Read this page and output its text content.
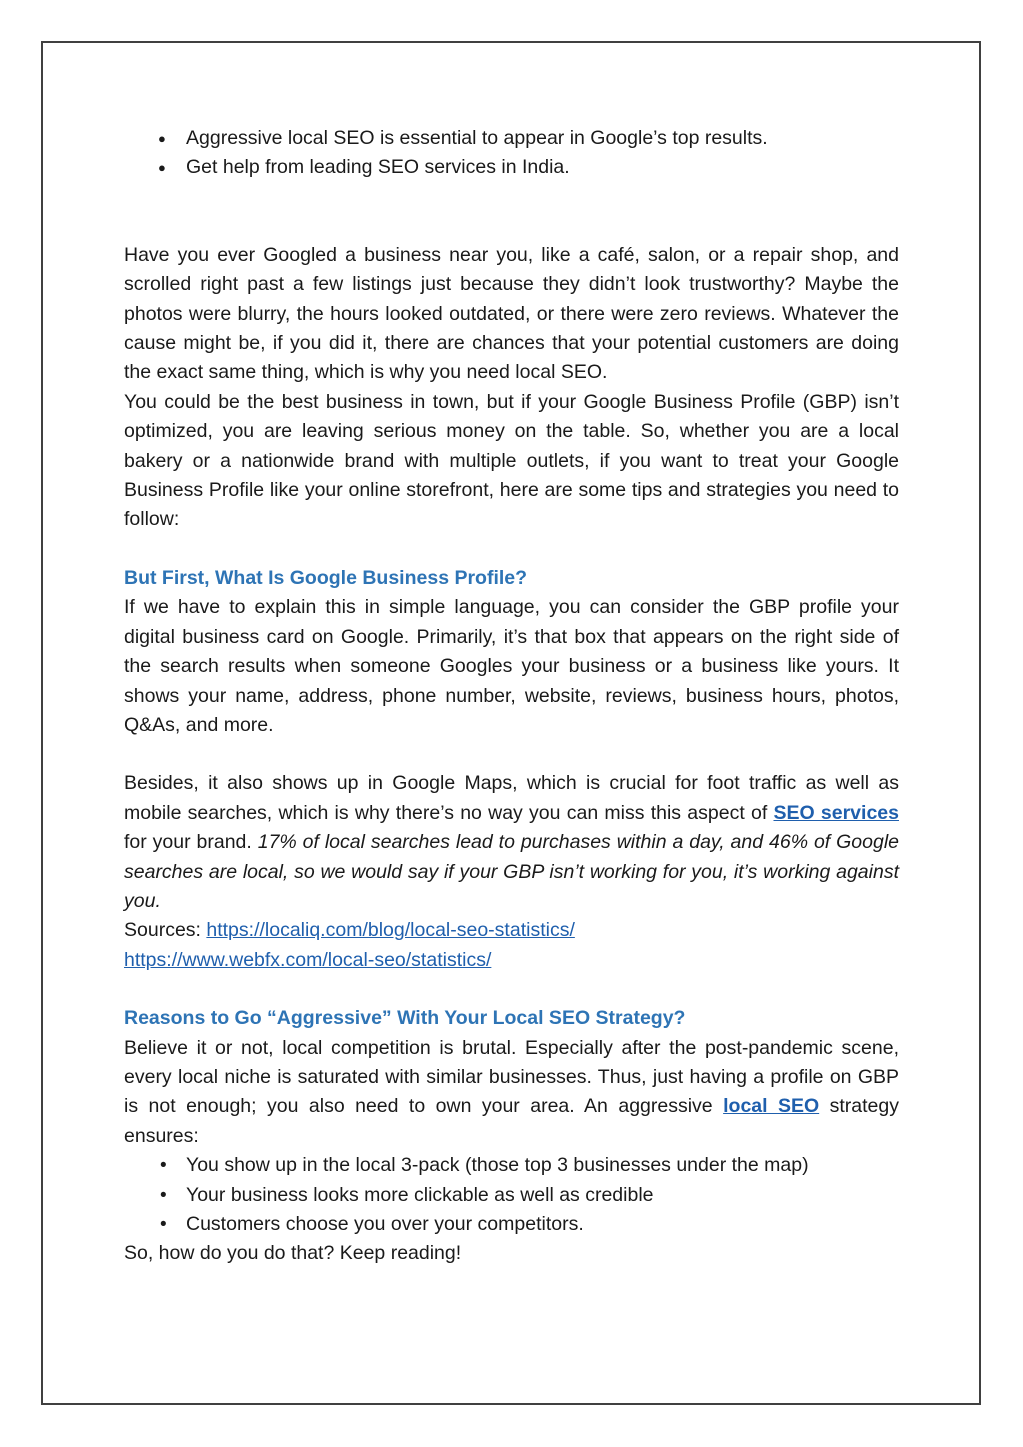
● Aggressive local SEO is essential to appear in Google’s top results.
● Get help from leading SEO services in India.

Have you ever Googled a business near you, like a café, salon, or a repair shop, and scrolled right past a few listings just because they didn’t look trustworthy? Maybe the photos were blurry, the hours looked outdated, or there were zero reviews. Whatever the cause might be, if you did it, there are chances that your potential customers are doing the exact same thing, which is why you need local SEO.

You could be the best business in town, but if your Google Business Profile (GBP) isn’t optimized, you are leaving serious money on the table. So, whether you are a local bakery or a nationwide brand with multiple outlets, if you want to treat your Google Business Profile like your online storefront, here are some tips and strategies you need to follow:

But First, What Is Google Business Profile?

If we have to explain this in simple language, you can consider the GBP profile your digital business card on Google. Primarily, it’s that box that appears on the right side of the search results when someone Googles your business or a business like yours. It shows your name, address, phone number, website, reviews, business hours, photos, Q&As, and more.

Besides, it also shows up in Google Maps, which is crucial for foot traffic as well as mobile searches, which is why there’s no way you can miss this aspect of SEO services for your brand. 17% of local searches lead to purchases within a day, and 46% of Google searches are local, so we would say if your GBP isn’t working for you, it’s working against you.

Sources: https://localiq.com/blog/local-seo-statistics/
https://www.webfx.com/local-seo/statistics/

Reasons to Go “Aggressive” With Your Local SEO Strategy?

Believe it or not, local competition is brutal. Especially after the post-pandemic scene, every local niche is saturated with similar businesses. Thus, just having a profile on GBP is not enough; you also need to own your area. An aggressive local SEO strategy ensures:

• You show up in the local 3-pack (those top 3 businesses under the map)
• Your business looks more clickable as well as credible
• Customers choose you over your competitors.

So, how do you do that? Keep reading!
